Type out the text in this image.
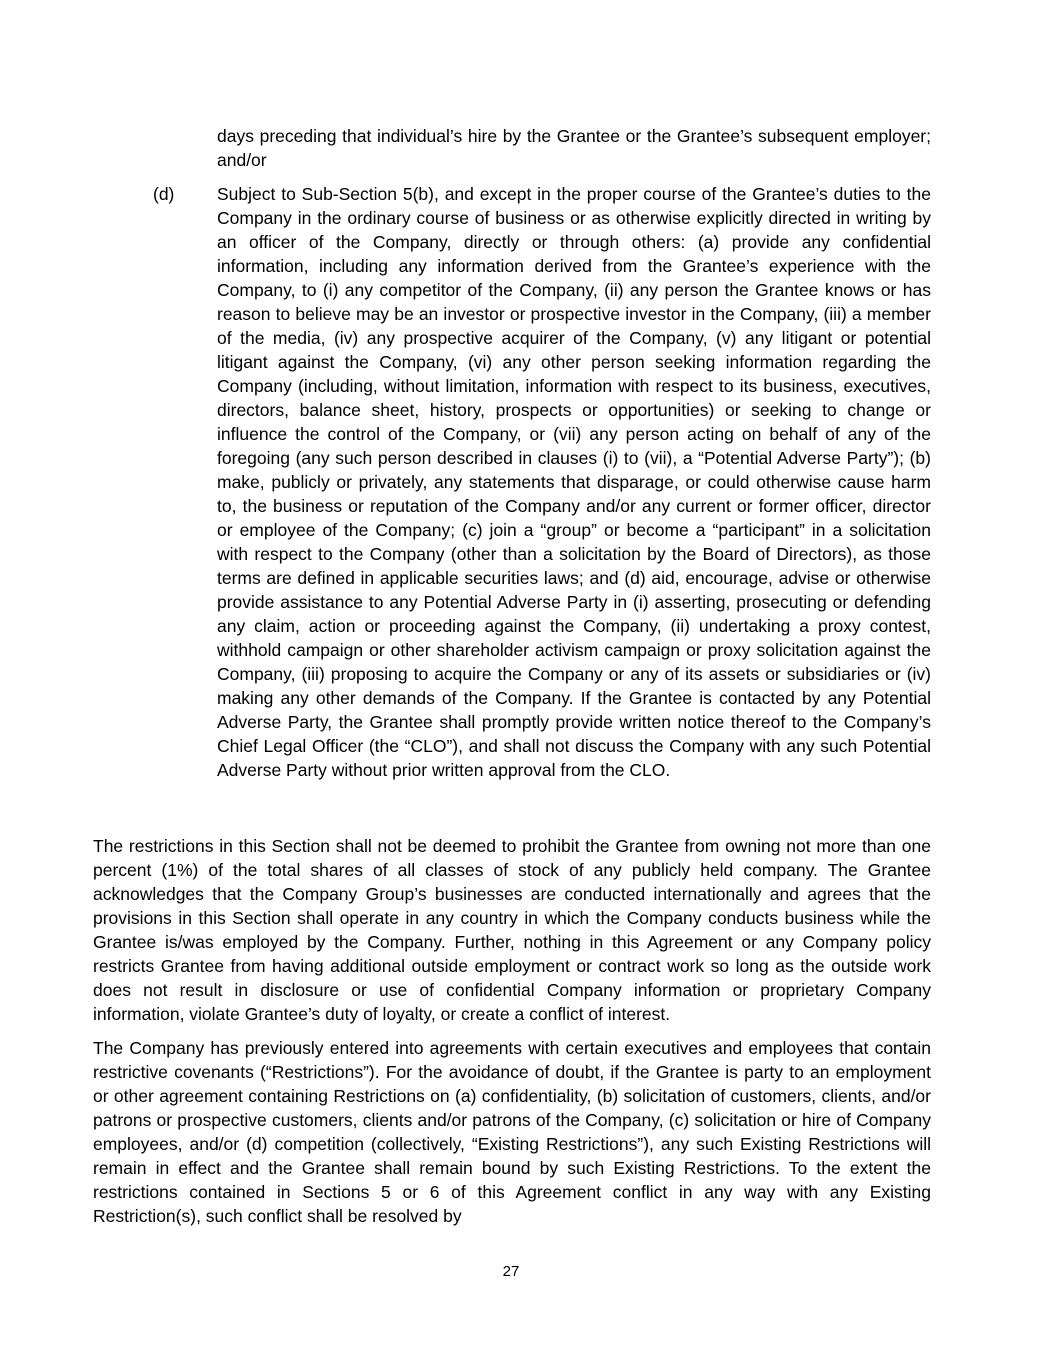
days preceding that individual’s hire by the Grantee or the Grantee’s subsequent employer; and/or

(d) Subject to Sub-Section 5(b), and except in the proper course of the Grantee’s duties to the Company in the ordinary course of business or as otherwise explicitly directed in writing by an officer of the Company, directly or through others: (a) provide any confidential information, including any information derived from the Grantee’s experience with the Company, to (i) any competitor of the Company, (ii) any person the Grantee knows or has reason to believe may be an investor or prospective investor in the Company, (iii) a member of the media, (iv) any prospective acquirer of the Company, (v) any litigant or potential litigant against the Company, (vi) any other person seeking information regarding the Company (including, without limitation, information with respect to its business, executives, directors, balance sheet, history, prospects or opportunities) or seeking to change or influence the control of the Company, or (vii) any person acting on behalf of any of the foregoing (any such person described in clauses (i) to (vii), a “Potential Adverse Party”); (b) make, publicly or privately, any statements that disparage, or could otherwise cause harm to, the business or reputation of the Company and/or any current or former officer, director or employee of the Company; (c) join a “group” or become a “participant” in a solicitation with respect to the Company (other than a solicitation by the Board of Directors), as those terms are defined in applicable securities laws; and (d) aid, encourage, advise or otherwise provide assistance to any Potential Adverse Party in (i) asserting, prosecuting or defending any claim, action or proceeding against the Company, (ii) undertaking a proxy contest, withhold campaign or other shareholder activism campaign or proxy solicitation against the Company, (iii) proposing to acquire the Company or any of its assets or subsidiaries or (iv) making any other demands of the Company. If the Grantee is contacted by any Potential Adverse Party, the Grantee shall promptly provide written notice thereof to the Company’s Chief Legal Officer (the “CLO”), and shall not discuss the Company with any such Potential Adverse Party without prior written approval from the CLO.

The restrictions in this Section shall not be deemed to prohibit the Grantee from owning not more than one percent (1%) of the total shares of all classes of stock of any publicly held company. The Grantee acknowledges that the Company Group’s businesses are conducted internationally and agrees that the provisions in this Section shall operate in any country in which the Company conducts business while the Grantee is/was employed by the Company. Further, nothing in this Agreement or any Company policy restricts Grantee from having additional outside employment or contract work so long as the outside work does not result in disclosure or use of confidential Company information or proprietary Company information, violate Grantee’s duty of loyalty, or create a conflict of interest.

The Company has previously entered into agreements with certain executives and employees that contain restrictive covenants (“Restrictions”). For the avoidance of doubt, if the Grantee is party to an employment or other agreement containing Restrictions on (a) confidentiality, (b) solicitation of customers, clients, and/or patrons or prospective customers, clients and/or patrons of the Company, (c) solicitation or hire of Company employees, and/or (d) competition (collectively, “Existing Restrictions”), any such Existing Restrictions will remain in effect and the Grantee shall remain bound by such Existing Restrictions. To the extent the restrictions contained in Sections 5 or 6 of this Agreement conflict in any way with any Existing Restriction(s), such conflict shall be resolved by

27
